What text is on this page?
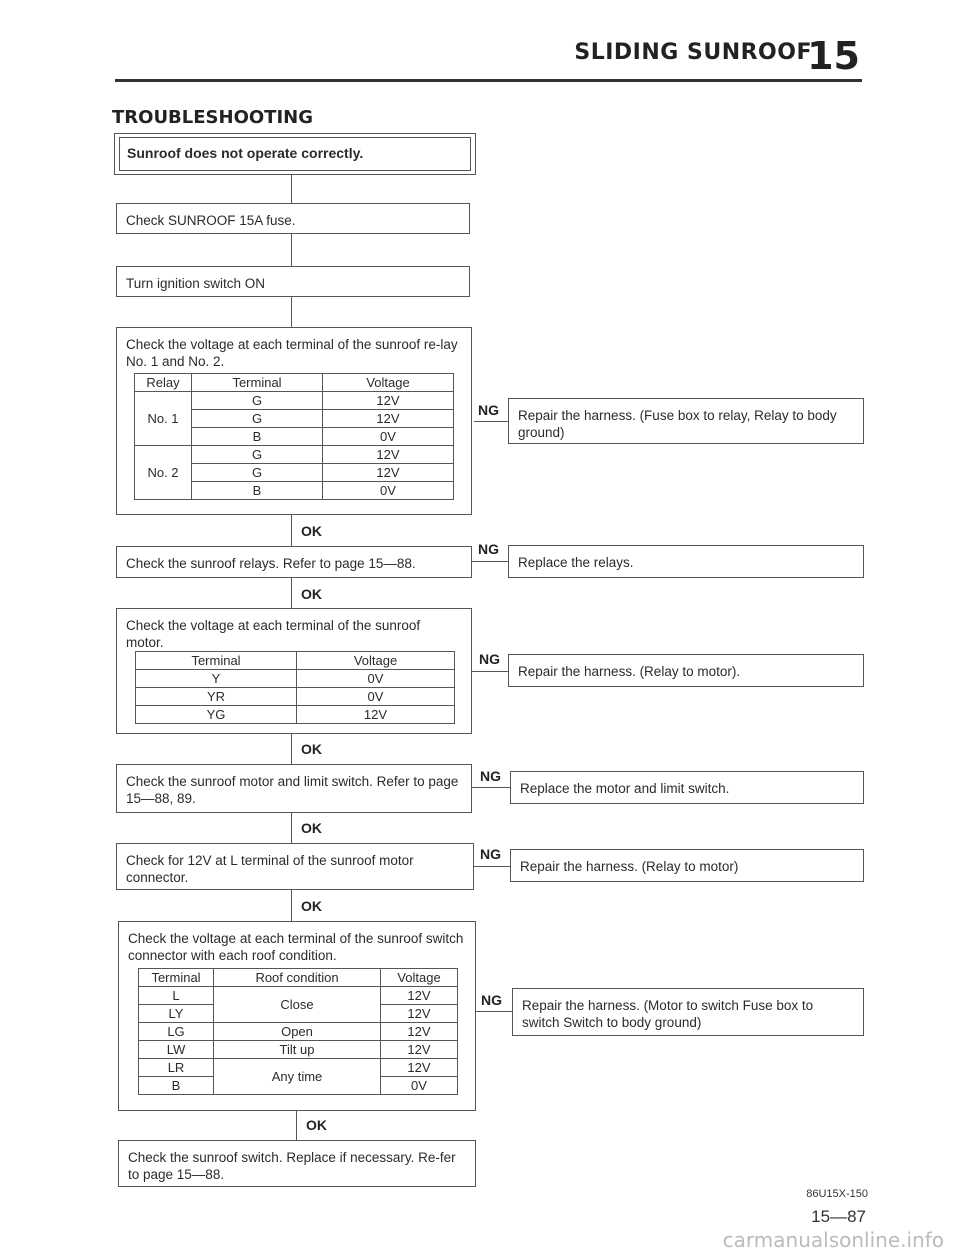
SLIDING SUNROOF
15
TROUBLESHOOTING
Sunroof does not operate correctly.
Check SUNROOF 15A fuse.
Turn ignition switch ON
Check the voltage at each terminal of the sunroof re-lay No. 1 and No. 2.
Relay	Terminal	Voltage
No. 1	G	12V
	G	12V
	B	0V
No. 2	G	12V
	G	12V
	B	0V
NG Repair the harness. (Fuse box to relay, Relay to body ground)
OK
Check the sunroof relays. Refer to page 15—88.
NG
Replace the relays.
OK
Check the voltage at each terminal of the sunroof motor.
Terminal	Voltage
Y	0V
YR	0V
YG	12V
NG
Repair the harness. (Relay to motor).
OK
Check the sunroof motor and limit switch. Refer to page 15—88, 89.
NG
Replace the motor and limit switch.
OK
Check for 12V at L terminal of the sunroof motor connector.
NG
Repair the harness. (Relay to motor)
OK
Check the voltage at each terminal of the sunroof switch connector with each roof condition.
Terminal	Roof condition	Voltage
L	Close	12V
LY		12V
LG	Open	12V
LW	Tilt up	12V
LR	Any time	12V
B		0V
NG Repair the harness. (Motor to switch Fuse box to switch Switch to body ground)
OK
Check the sunroof switch. Replace if necessary. Re-fer to page 15—88.
86U15X-150
15—87
carmanualsonline.info
